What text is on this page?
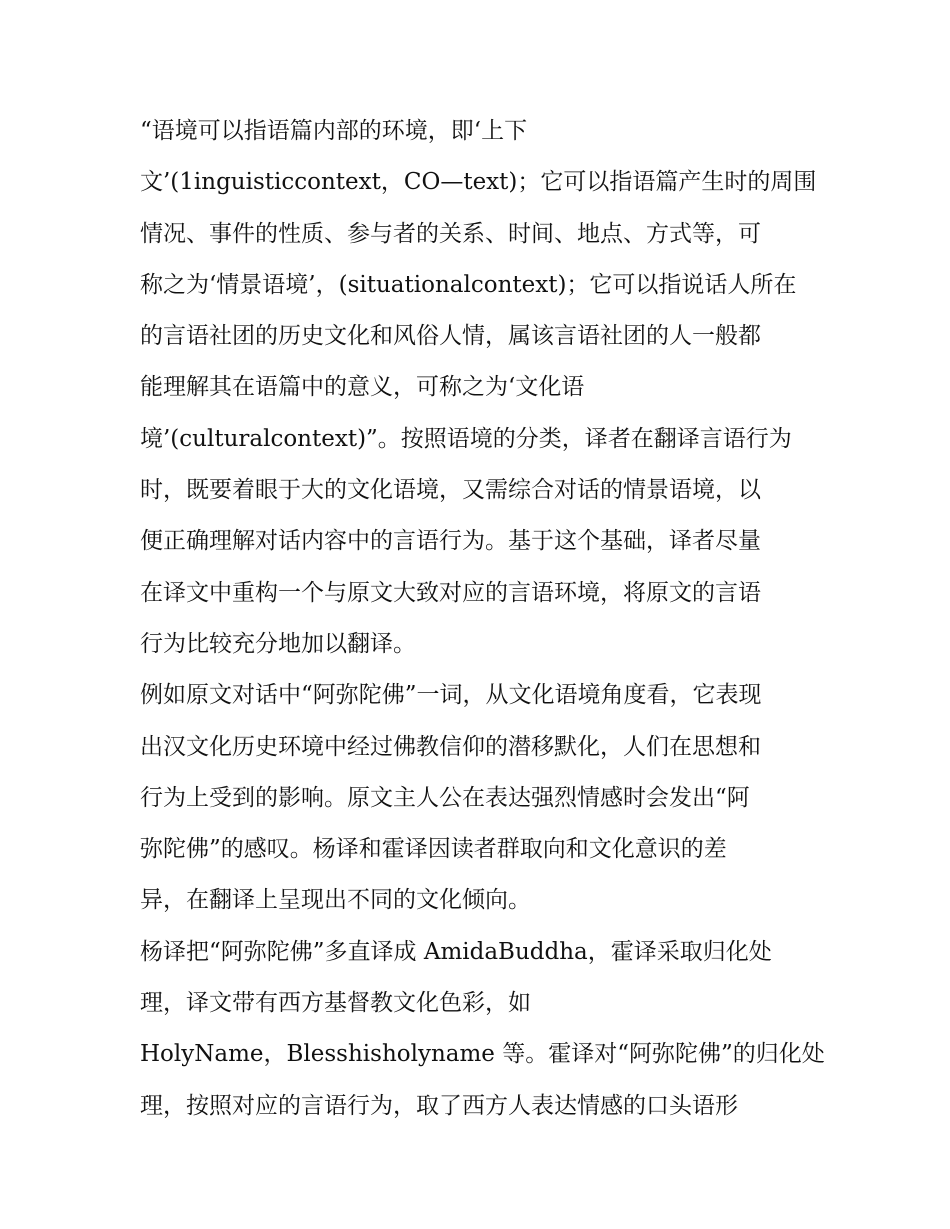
“语境可以指语篇内部的环境，即‘上下
文’(1inguisticcontext，CO—text)；它可以指语篇产生时的周围
情况、事件的性质、参与者的关系、时间、地点、方式等，可
称之为‘情景语境’，(situationalcontext)；它可以指说话人所在
的言语社团的历史文化和风俗人情，属该言语社团的人一般都
能理解其在语篇中的意义，可称之为‘文化语
境’(culturalcontext)”。按照语境的分类，译者在翻译言语行为
时，既要着眼于大的文化语境，又需综合对话的情景语境，以
便正确理解对话内容中的言语行为。基于这个基础，译者尽量
在译文中重构一个与原文大致对应的言语环境，将原文的言语
行为比较充分地加以翻译。
例如原文对话中“阿弥陀佛”一词，从文化语境角度看，它表现
出汉文化历史环境中经过佛教信仰的潜移默化，人们在思想和
行为上受到的影响。原文主人公在表达强烈情感时会发出“阿
弥陀佛”的感叹。杨译和霍译因读者群取向和文化意识的差
异，在翻译上呈现出不同的文化倾向。
杨译把“阿弥陀佛”多直译成 AmidaBuddha，霍译采取归化处
理，译文带有西方基督教文化色彩，如
HolyName，Blesshisholyname 等。霍译对“阿弥陀佛”的归化处
理，按照对应的言语行为，取了西方人表达情感的口头语形
